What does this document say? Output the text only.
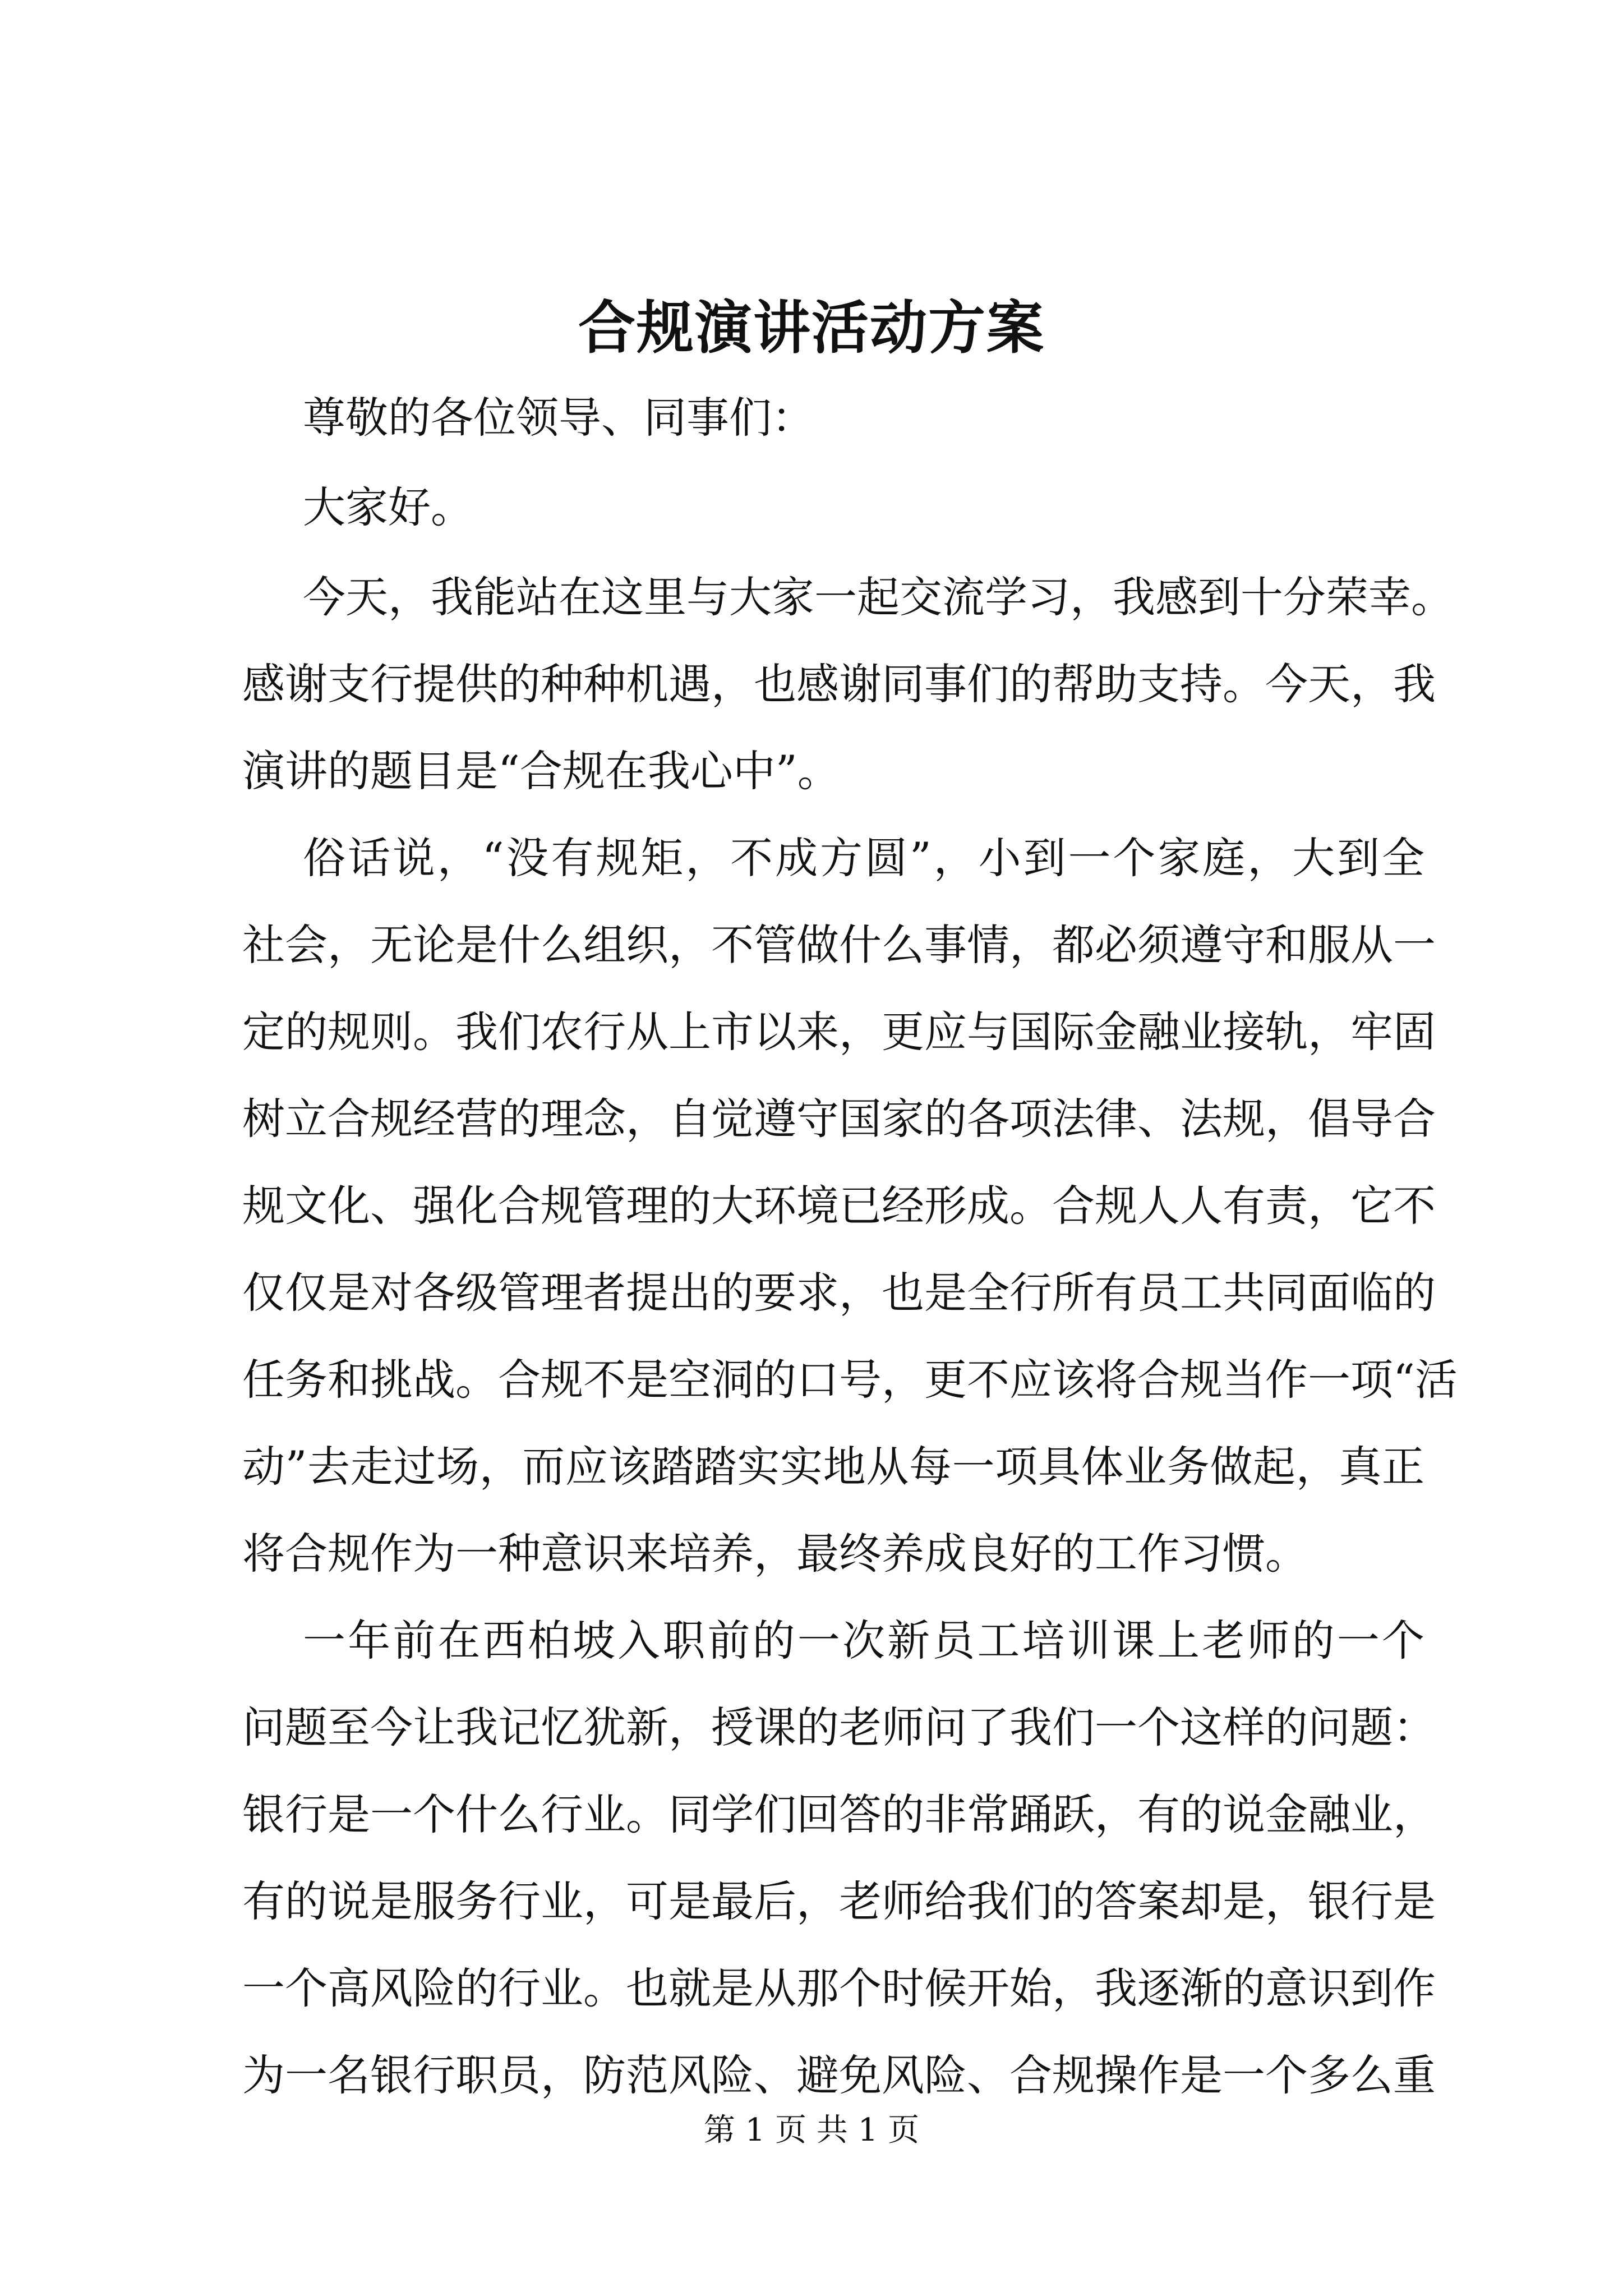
合规演讲活动方案
尊敬的各位领导、同事们：
大家好。
今天，我能站在这里与大家一起交流学习，我感到十分荣幸。
感谢支行提供的种种机遇，也感谢同事们的帮助支持。今天，我
演讲的题目是“合规在我心中”。
俗话说，“没有规矩，不成方圆”，小到一个家庭，大到全
社会，无论是什么组织，不管做什么事情，都必须遵守和服从一
定的规则。我们农行从上市以来，更应与国际金融业接轨，牢固
树立合规经营的理念，自觉遵守国家的各项法律、法规，倡导合
规文化、强化合规管理的大环境已经形成。合规人人有责，它不
仅仅是对各级管理者提出的要求，也是全行所有员工共同面临的
任务和挑战。合规不是空洞的口号，更不应该将合规当作一项“活
动”去走过场，而应该踏踏实实地从每一项具体业务做起，真正
将合规作为一种意识来培养，最终养成良好的工作习惯。
一年前在西柏坡入职前的一次新员工培训课上老师的一个
问题至今让我记忆犹新，授课的老师问了我们一个这样的问题：
银行是一个什么行业。同学们回答的非常踊跃，有的说金融业，
有的说是服务行业，可是最后，老师给我们的答案却是，银行是
一个高风险的行业。也就是从那个时候开始，我逐渐的意识到作
为一名银行职员，防范风险、避免风险、合规操作是一个多么重
第 1 页 共 1 页
